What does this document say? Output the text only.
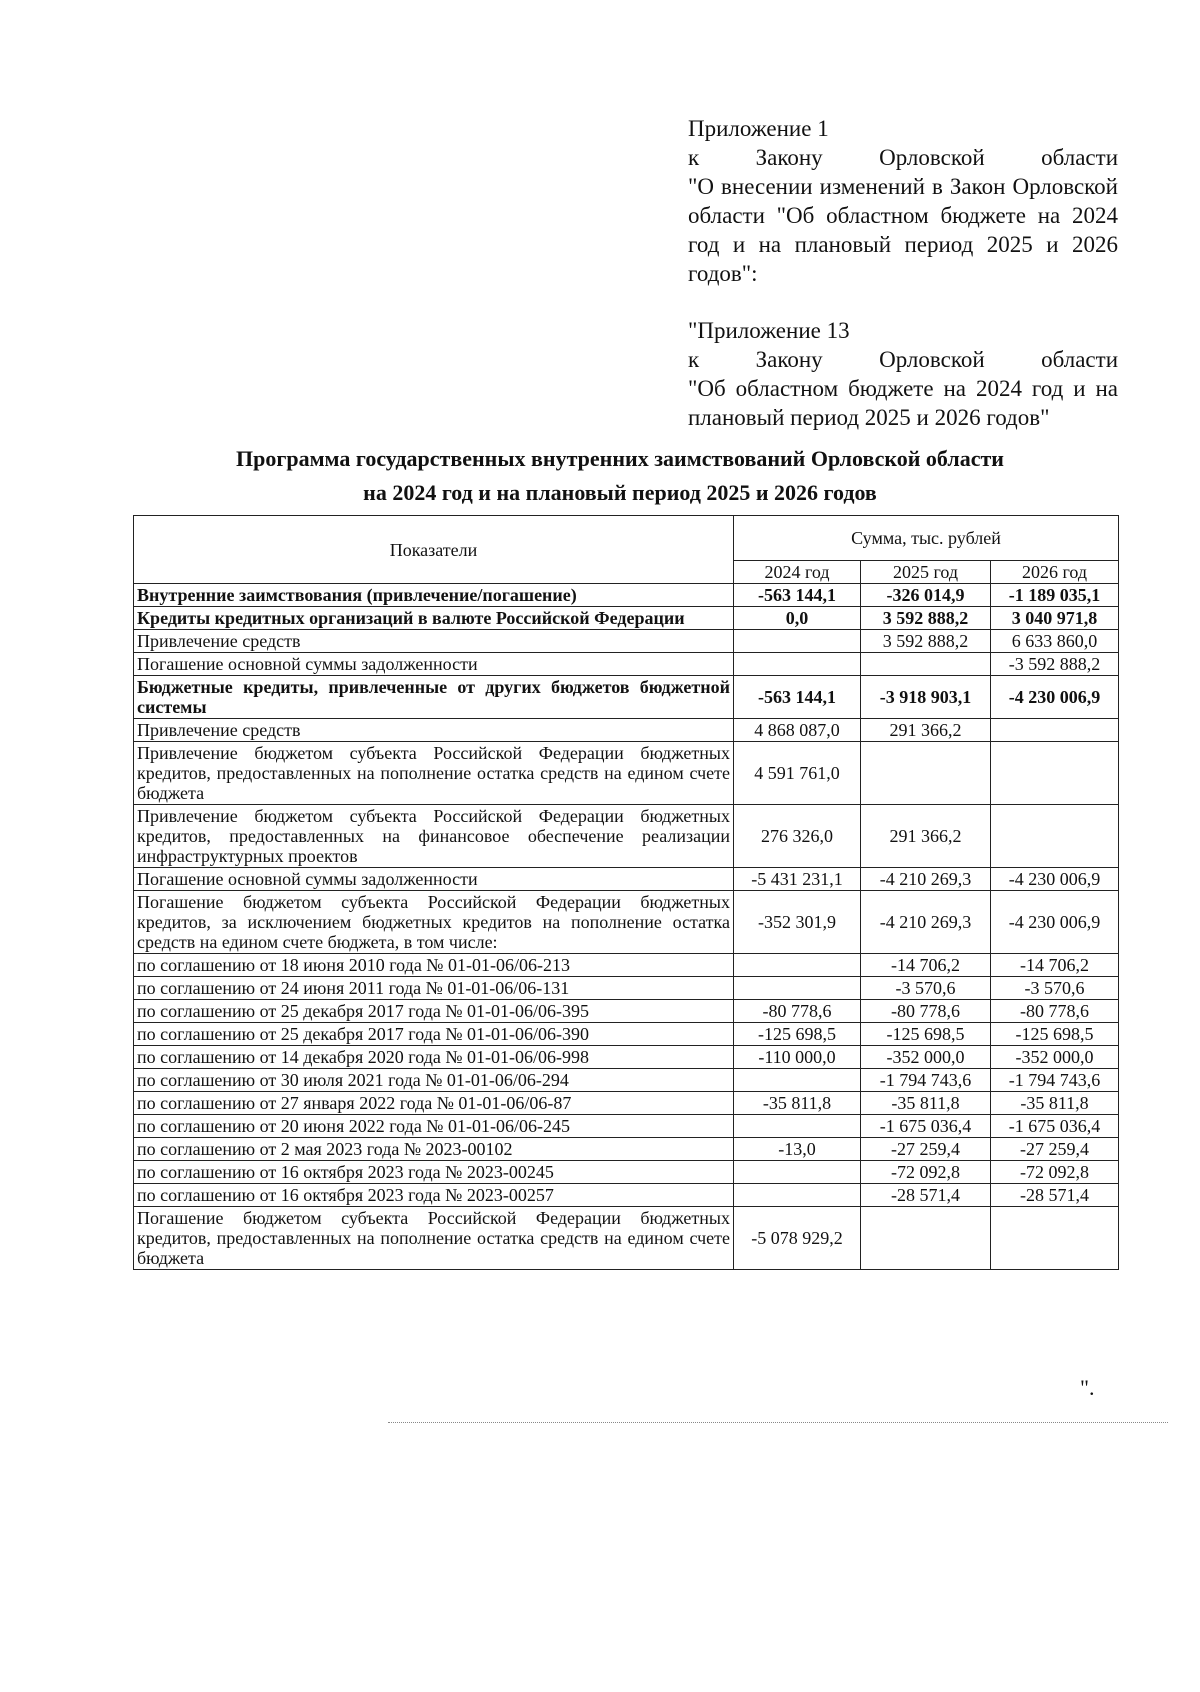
Приложение 1

к Закону Орловской области

"О внесении изменений в Закон Орловской области "Об областном бюджете на 2024 год и на плановый период 2025 и 2026 годов":

"Приложение 13

к Закону Орловской области

"Об областном бюджете на 2024 год и на плановый период 2025 и 2026 годов"

Программа государственных внутренних заимствований Орловской области
на 2024 год и на плановый период 2025 и 2026 годов
Показатели	Сумма, тыс. рублей		
	2024 год	2025 год	2026 год
Внутренние заимствования (привлечение/погашение)	-563 144,1	-326 014,9	-1 189 035,1
Кредиты кредитных организаций в валюте Российской Федерации	0,0	3 592 888,2	3 040 971,8
Привлечение средств		3 592 888,2	6 633 860,0
Погашение основной суммы задолженности			-3 592 888,2
Бюджетные кредиты, привлеченные от других бюджетов бюджетной системы	-563 144,1	-3 918 903,1	-4 230 006,9
Привлечение средств	4 868 087,0	291 366,2	
Привлечение бюджетом субъекта Российской Федерации бюджетных кредитов, предоставленных на пополнение остатка средств на едином счете бюджета	4 591 761,0		
Привлечение бюджетом субъекта Российской Федерации бюджетных кредитов, предоставленных на финансовое обеспечение реализации инфраструктурных проектов	276 326,0	291 366,2	
Погашение основной суммы задолженности	-5 431 231,1	-4 210 269,3	-4 230 006,9
Погашение бюджетом субъекта Российской Федерации бюджетных кредитов, за исключением бюджетных кредитов на пополнение остатка средств на едином счете бюджета, в том числе:	-352 301,9	-4 210 269,3	-4 230 006,9
по соглашению от 18 июня 2010 года № 01-01-06/06-213		-14 706,2	-14 706,2
по соглашению от 24 июня 2011 года № 01-01-06/06-131		-3 570,6	-3 570,6
по соглашению от 25 декабря 2017 года № 01-01-06/06-395	-80 778,6	-80 778,6	-80 778,6
по соглашению от 25 декабря 2017 года № 01-01-06/06-390	-125 698,5	-125 698,5	-125 698,5
по соглашению от 14 декабря 2020 года № 01-01-06/06-998	-110 000,0	-352 000,0	-352 000,0
по соглашению от 30 июля 2021 года № 01-01-06/06-294		-1 794 743,6	-1 794 743,6
по соглашению от 27 января 2022 года № 01-01-06/06-87	-35 811,8	-35 811,8	-35 811,8
по соглашению от 20 июня 2022 года № 01-01-06/06-245		-1 675 036,4	-1 675 036,4
по соглашению от 2 мая 2023 года № 2023-00102	-13,0	-27 259,4	-27 259,4
по соглашению от 16 октября 2023 года № 2023-00245		-72 092,8	-72 092,8
по соглашению от 16 октября 2023 года № 2023-00257		-28 571,4	-28 571,4
Погашение бюджетом субъекта Российской Федерации бюджетных кредитов, предоставленных на пополнение остатка средств на едином счете бюджета	-5 078 929,2		
".
